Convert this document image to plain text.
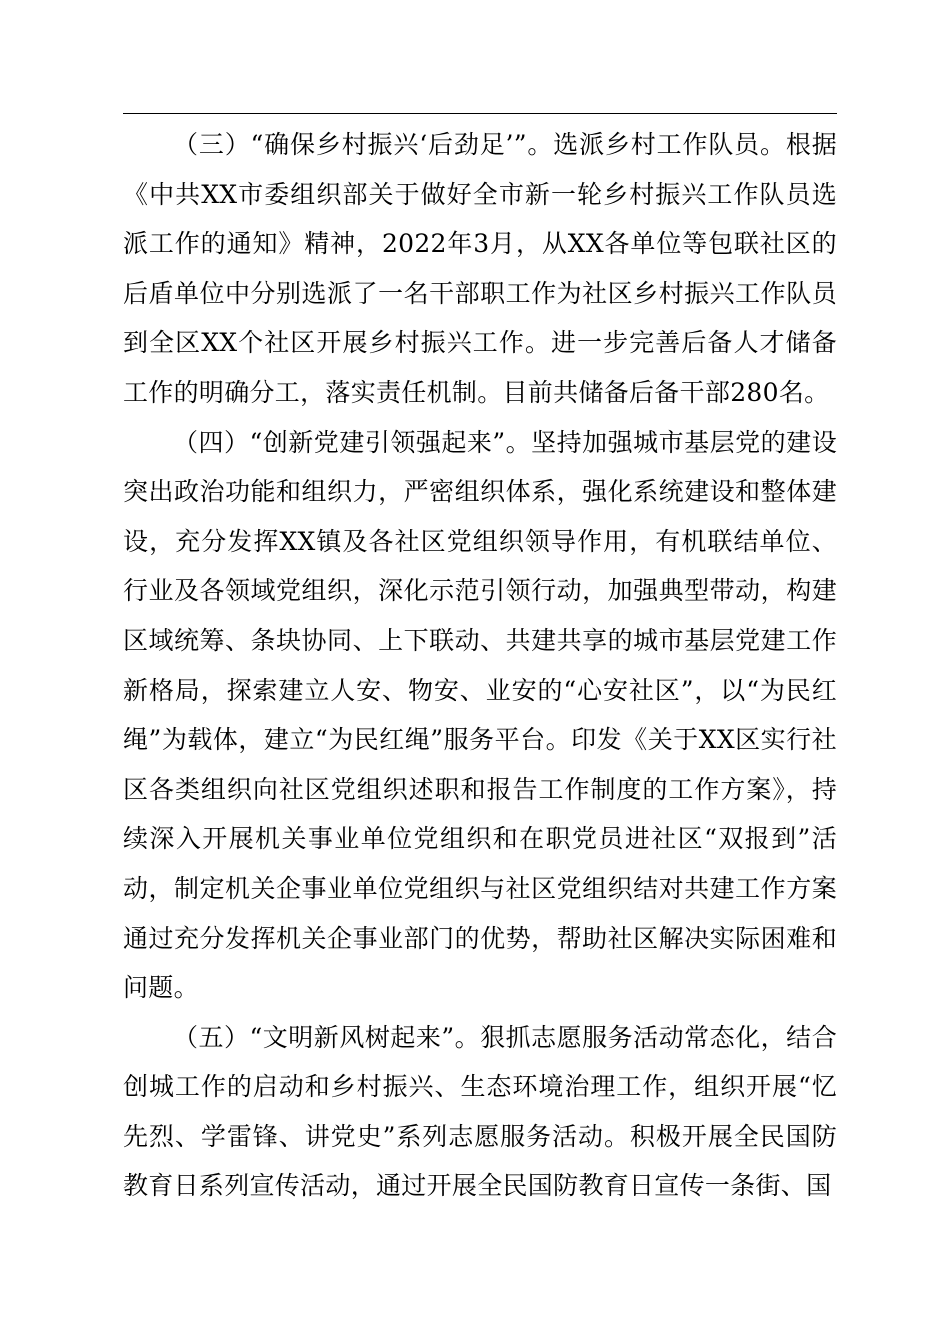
（三）“确保乡村振兴‘后劲足’”。选派乡村工作队员。根据《中共XX市委组织部关于做好全市新一轮乡村振兴工作队员选派工作的通知》精神，2022年3月，从XX各单位等包联社区的后盾单位中分别选派了一名干部职工作为社区乡村振兴工作队员到全区XX个社区开展乡村振兴工作。进一步完善后备人才储备工作的明确分工，落实责任机制。目前共储备后备干部280名。

（四）“创新党建引领强起来”。坚持加强城市基层党的建设突出政治功能和组织力，严密组织体系，强化系统建设和整体建设，充分发挥XX镇及各社区党组织领导作用，有机联结单位、行业及各领域党组织，深化示范引领行动，加强典型带动，构建区域统筹、条块协同、上下联动、共建共享的城市基层党建工作新格局，探索建立人安、物安、业安的“心安社区”，以“为民红绳”为载体，建立“为民红绳”服务平台。印发《关于XX区实行社区各类组织向社区党组织述职和报告工作制度的工作方案》，持续深入开展机关事业单位党组织和在职党员进社区“双报到”活动，制定机关企事业单位党组织与社区党组织结对共建工作方案通过充分发挥机关企事业部门的优势，帮助社区解决实际困难和问题。

（五）“文明新风树起来”。狠抓志愿服务活动常态化，结合创城工作的启动和乡村振兴、生态环境治理工作，组织开展“忆先烈、学雷锋、讲党史”系列志愿服务活动。积极开展全民国防教育日系列宣传活动，通过开展全民国防教育日宣传一条街、国
